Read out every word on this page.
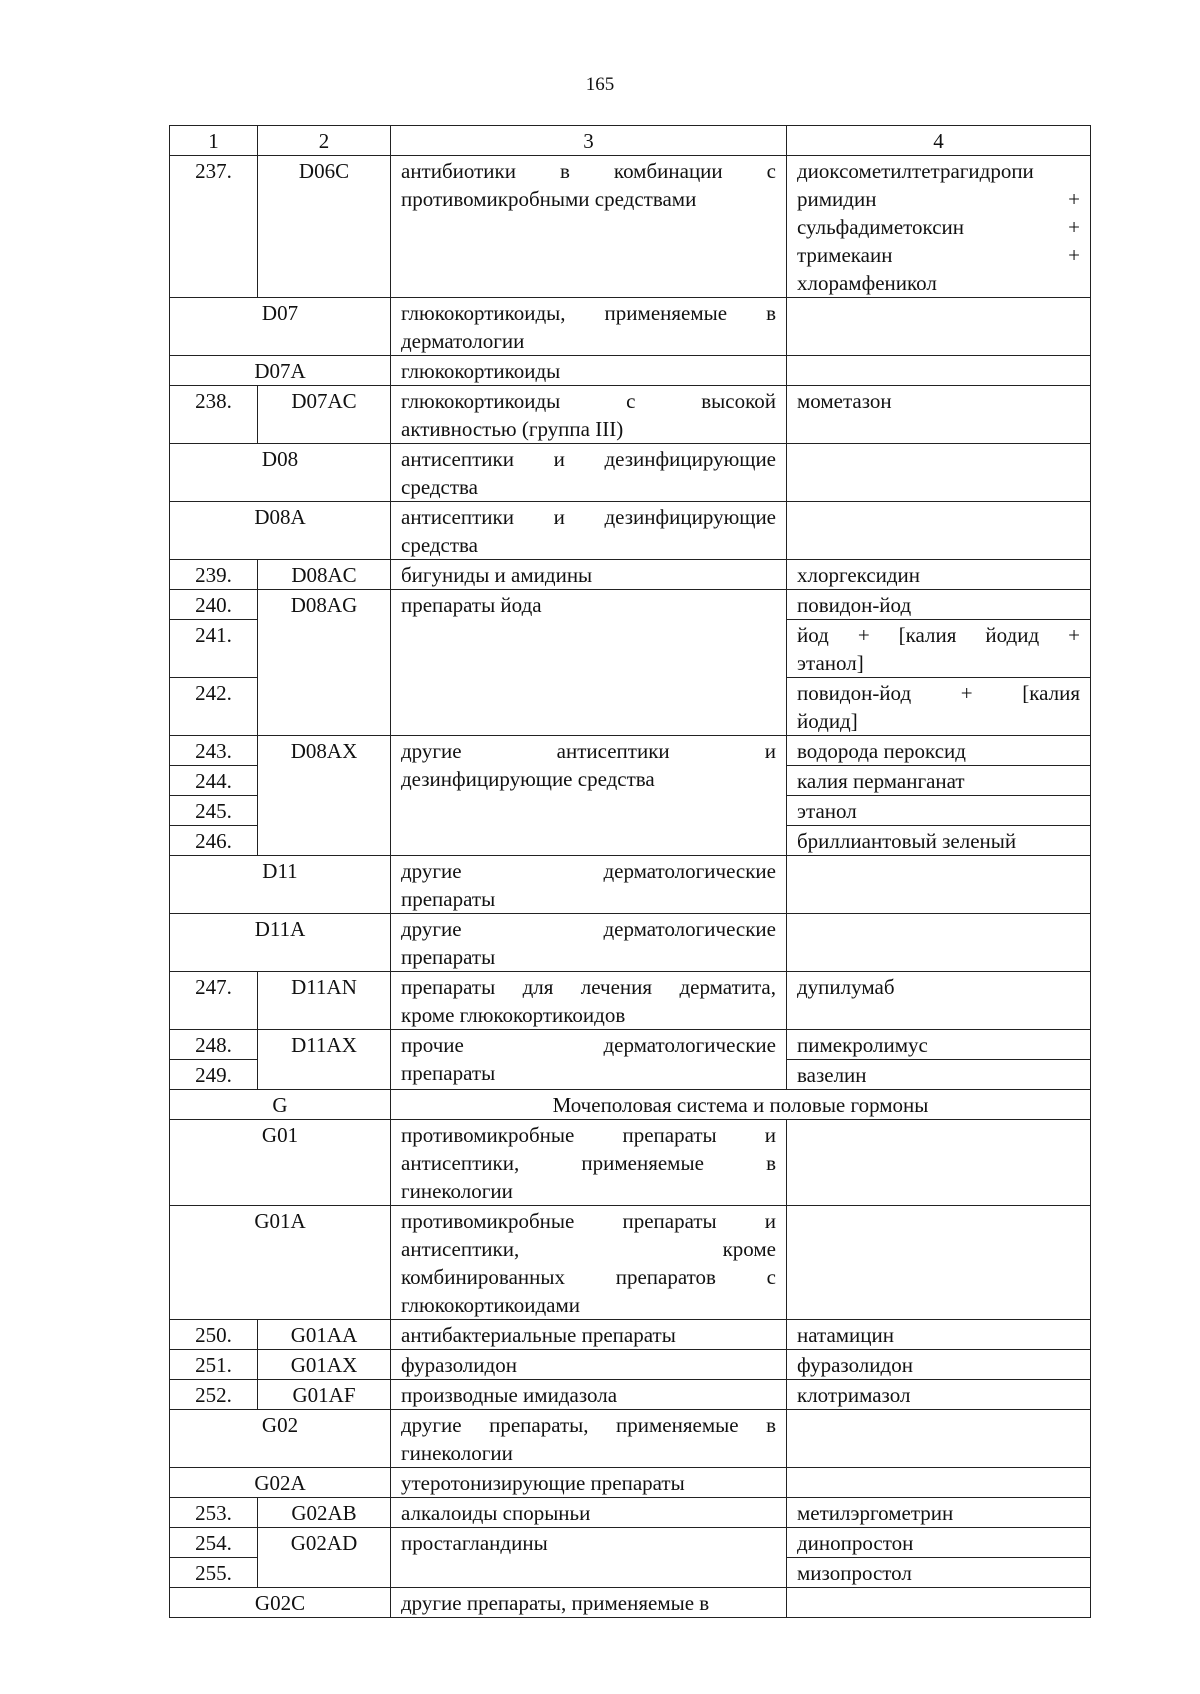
165
1	2	3	4
237.	D06C	антибиотики в комбинации с
противомикробными средствами	диоксометилтетрагидропи
римидин +
сульфадиметоксин +
тримекаин +
хлорамфеникол

D07		глюкокортикоиды, применяемые в
дерматологии	

D07A		глюкокортикоиды	

238.	D07AC	глюкокортикоиды с высокой
активностью (группа III)	мометазон

D08		антисептики и дезинфицирующие
средства	

D08A		антисептики и дезинфицирующие
средства	

239.	D08AC	бигуниды и амидины	хлоргексидин

240.	D08AG	препараты йода	повидон-йод

241.			йод + [калия йодид +
этанол]

242.			повидон-йод + [калия
йодид]

243.	D08AX	другие антисептики и
дезинфицирующие средства	водорода пероксид

244.			калия перманганат

245.			этанол

246.			бриллиантовый зеленый

D11		другие дерматологические
препараты	

D11A		другие дерматологические
препараты	

247.	D11AN	препараты для лечения дерматита,
кроме глюкокортикоидов	дупилумаб

248.	D11AX	прочие дерматологические
препараты	пимекролимус

249.			вазелин

G		Мочеполовая система и половые гормоны	
G01		противомикробные препараты и
антисептики, применяемые в
гинекологии	

G01A		противомикробные препараты и
антисептики, кроме
комбинированных препаратов с
глюкокортикоидами	

250.	G01AA	антибактериальные препараты	натамицин

251.	G01AX	фуразолидон	фуразолидон

252.	G01AF	производные имидазола	клотримазол

G02		другие препараты, применяемые в
гинекологии	

G02A		утеротонизирующие препараты	

253.	G02AB	алкалоиды спорыньи	метилэргометрин

254.	G02AD	простагландины	динопростон

255.			мизопростол

G02C		другие препараты, применяемые в	
